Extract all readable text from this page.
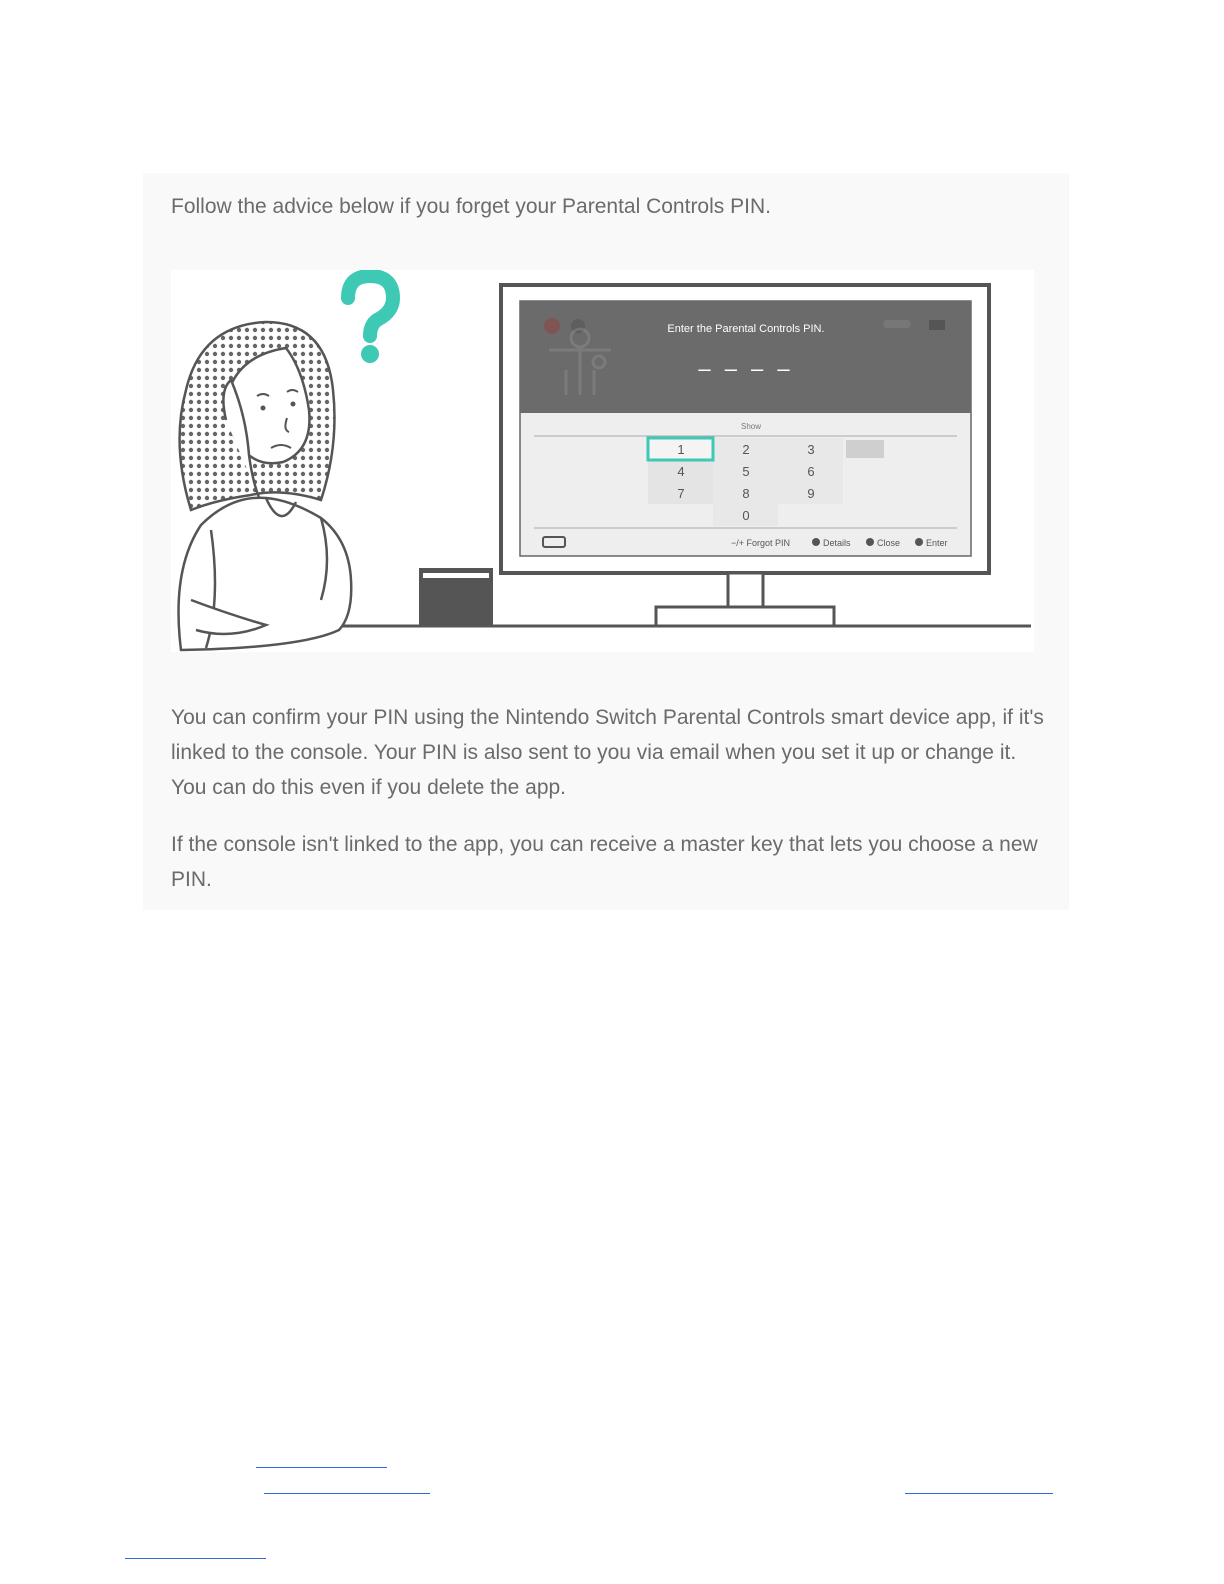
Follow the advice below if you forget your Parental Controls PIN.
Enter the Parental Controls PIN.
– – – –
Show
1	2	3
4	5	6
7	8	9
0
−/+ Forgot PIN	Details	Close	Enter

You can confirm your PIN using the Nintendo Switch Parental Controls smart device app, if it's linked to the console. Your PIN is also sent to you via email when you set it up or change it. You can do this even if you delete the app.

If the console isn't linked to the app, you can receive a master key that lets you choose a new PIN.
